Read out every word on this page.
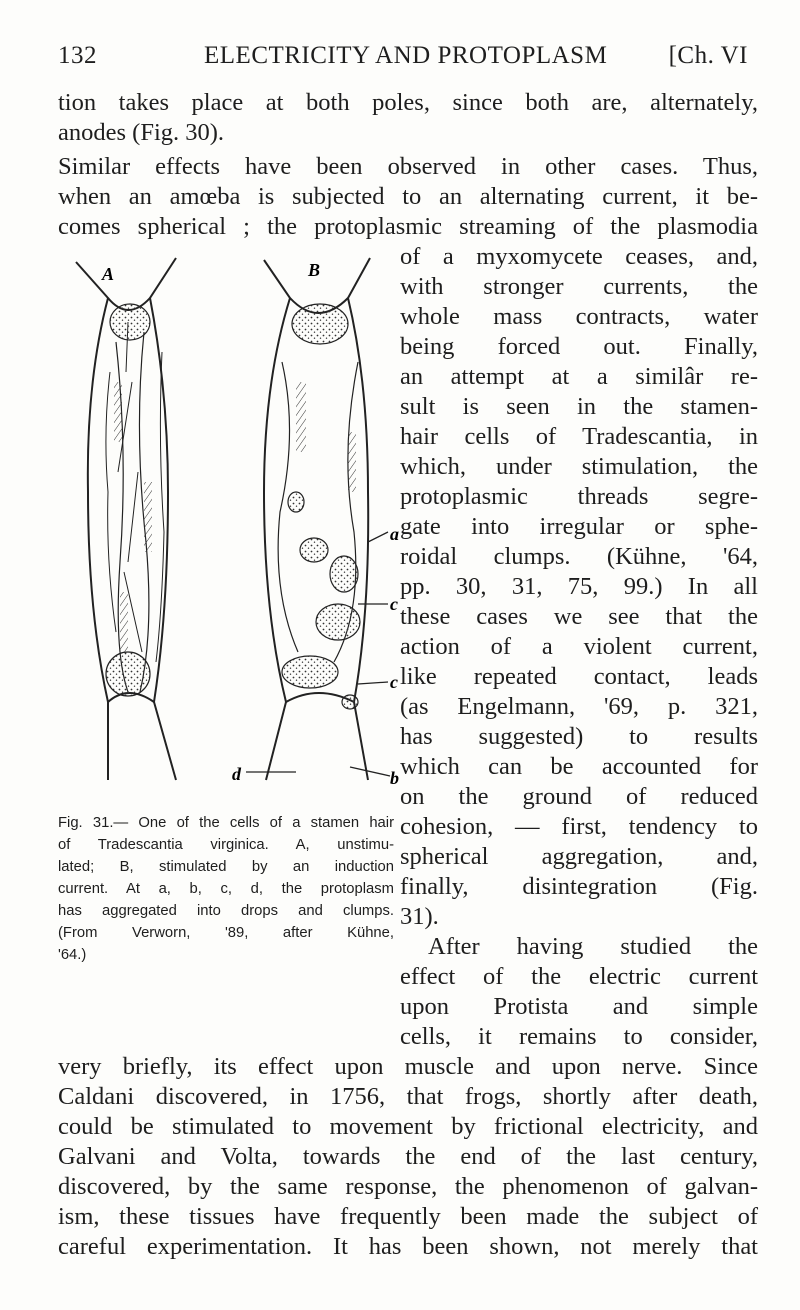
132	ELECTRICITY AND PROTOPLASM [Ch. VI
tion takes place at both poles, since both are, alternately,
anodes (Fig. 30).
Similar effects have been observed in other cases. Thus,
when an amœba is subjected to an alternating current, it be-
comes spherical ; the protoplasmic streaming of the plasmodia
of a myxomycete ceases, and,
with stronger currents, the
whole mass contracts, water
being forced out. Finally,
an attempt at a similâr re-
sult is seen in the stamen-
hair cells of Tradescantia, in
which, under stimulation, the
protoplasmic threads segre-
gate into irregular or sphe-
roidal clumps. (Kühne, '64,
pp. 30, 31, 75, 99.) In all
these cases we see that the
action of a violent current,
like repeated contact, leads
(as Engelmann, '69, p. 321,
has suggested) to results
which can be accounted for
on the ground of reduced
cohesion, — first, tendency to
spherical aggregation, and,
finally, disintegration (Fig.
31).
After having studied the
effect of the electric current
upon Protista and simple
cells, it remains to consider,
very briefly, its effect upon muscle and upon nerve. Since
Caldani discovered, in 1756, that frogs, shortly after death,
could be stimulated to movement by frictional electricity, and
Galvani and Volta, towards the end of the last century,
discovered, by the same response, the phenomenon of galvan-
ism, these tissues have frequently been made the subject of
careful experimentation. It has been shown, not merely that
A	B
a
c
c
d	b
Fig. 31.— One of the cells of a stamen hair
of Tradescantia virginica. A, unstimu-
lated; B, stimulated by an induction
current. At a, b, c, d, the protoplasm
has aggregated into drops and clumps.
(From Verworn, '89, after Kühne,
'64.)
